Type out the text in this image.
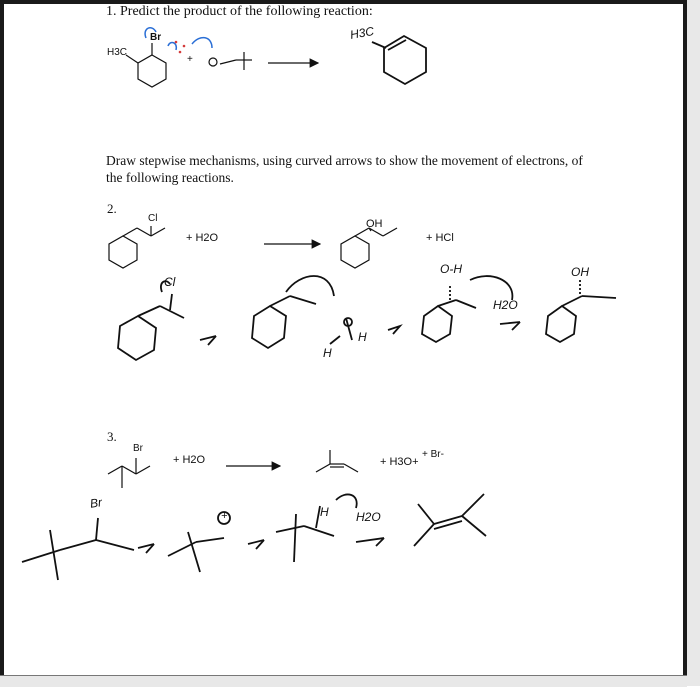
1. Predict the product of the following reaction:
H3C
Br
+
H3C
Draw stepwise mechanisms, using curved arrows to show the movement of electrons, of the following reactions.
2.
Cl
+ H2O
OH
+ HCl
Cl
H
H
O-H
H2O
OH
3.
Br
+ H2O	+ H3O+
+ Br-
Br
+	H H2O
